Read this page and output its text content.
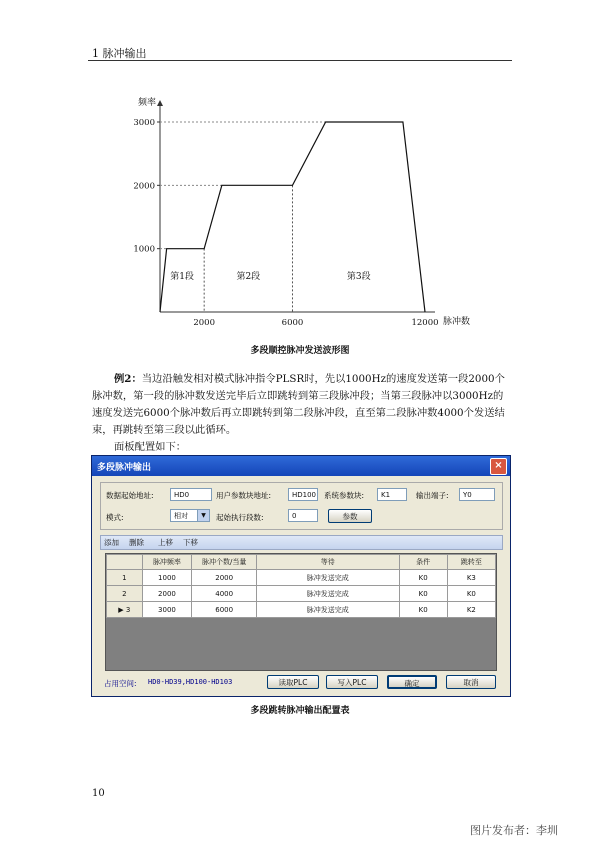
1 脉冲输出
频率
脉冲数
1000
2000
3000
2000	6000	12000
第1段	第2段	第3段
多段顺控脉冲发送波形图

例2：当边沿触发相对模式脉冲指令PLSR时，先以1000Hz的速度发送第一段2000个脉冲数，第一段的脉冲数发送完毕后立即跳转到第三段脉冲段；当第三段脉冲以3000Hz的速度发送完6000个脉冲数后再立即跳转到第二段脉冲段，直至第二段脉冲数4000个发送结束，再跳转至第三段以此循环。

面板配置如下：
多段脉冲输出	×
数据起始地址:	HD0	用户参数块地址:	HD100 系统参数块:	K1	输出端子:	Y0
模式:	相对	▼	起始执行段数:	0	参数
添加 删除 上移 下移
	脉冲频率	脉冲个数/当量	等待	条件	跳转至
1	1000	2000	脉冲发送完成	K0	K3
2	2000	4000	脉冲发送完成	K0	K0
▶ 3	3000	6000	脉冲发送完成	K0	K2
占用空间: HD0-HD39,HD100-HD103	读取PLC	写入PLC	确定	取消
多段跳转脉冲输出配置表
10
图片发布者：李圳
